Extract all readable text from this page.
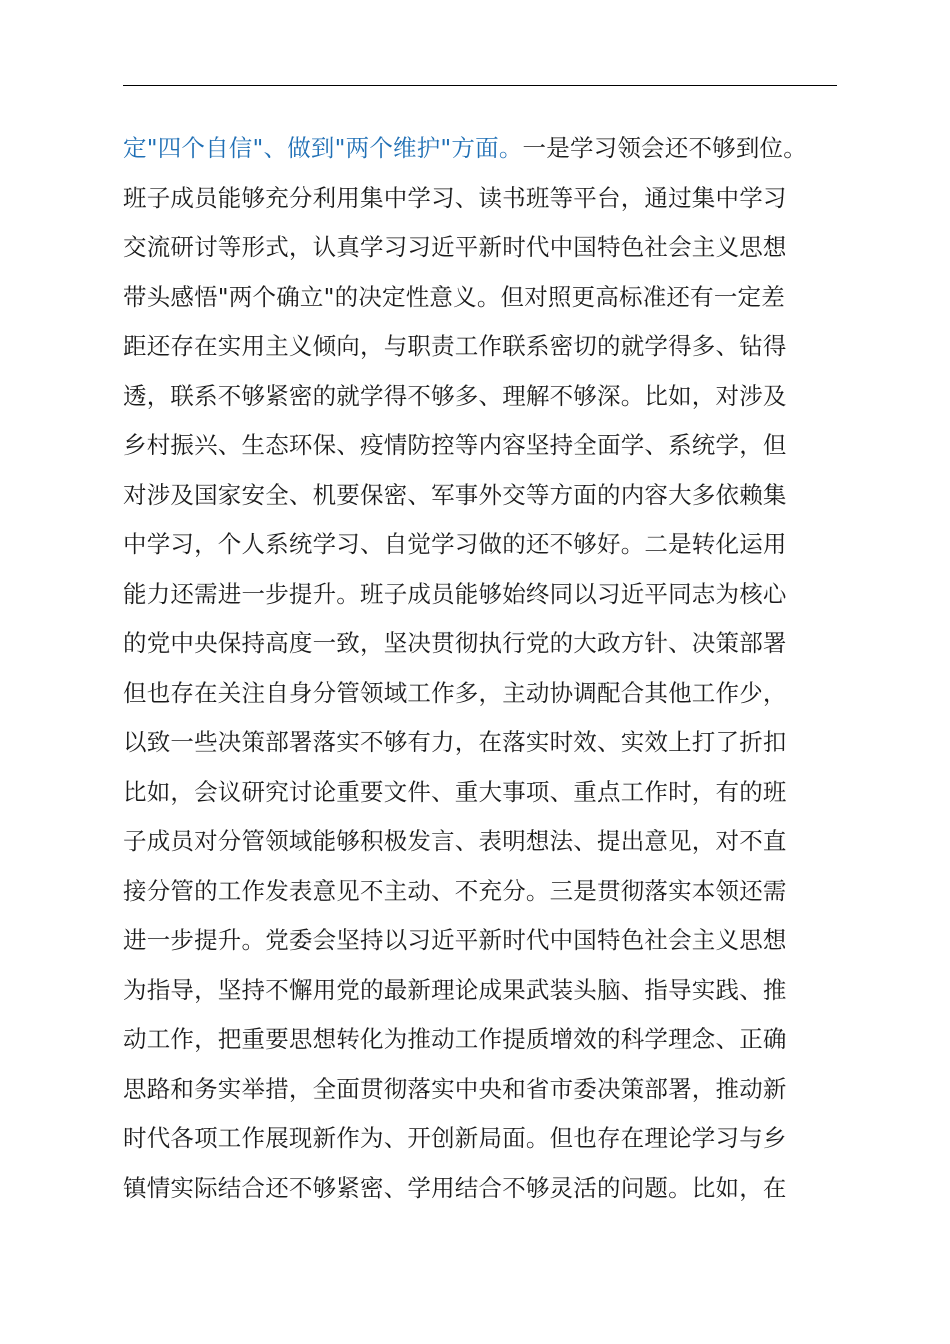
定"四个自信"、做到"两个维护"方面。一是学习领会还不够到位。
班子成员能够充分利用集中学习、读书班等平台，通过集中学习
交流研讨等形式，认真学习习近平新时代中国特色社会主义思想
带头感悟"两个确立"的决定性意义。但对照更高标准还有一定差
距还存在实用主义倾向，与职责工作联系密切的就学得多、钻得
透，联系不够紧密的就学得不够多、理解不够深。比如，对涉及
乡村振兴、生态环保、疫情防控等内容坚持全面学、系统学，但
对涉及国家安全、机要保密、军事外交等方面的内容大多依赖集
中学习，个人系统学习、自觉学习做的还不够好。二是转化运用
能力还需进一步提升。班子成员能够始终同以习近平同志为核心
的党中央保持高度一致，坚决贯彻执行党的大政方针、决策部署
但也存在关注自身分管领域工作多，主动协调配合其他工作少，
以致一些决策部署落实不够有力，在落实时效、实效上打了折扣
比如，会议研究讨论重要文件、重大事项、重点工作时，有的班
子成员对分管领域能够积极发言、表明想法、提出意见，对不直
接分管的工作发表意见不主动、不充分。三是贯彻落实本领还需
进一步提升。党委会坚持以习近平新时代中国特色社会主义思想
为指导，坚持不懈用党的最新理论成果武装头脑、指导实践、推
动工作，把重要思想转化为推动工作提质增效的科学理念、正确
思路和务实举措，全面贯彻落实中央和省市委决策部署，推动新
时代各项工作展现新作为、开创新局面。但也存在理论学习与乡
镇情实际结合还不够紧密、学用结合不够灵活的问题。比如，在
